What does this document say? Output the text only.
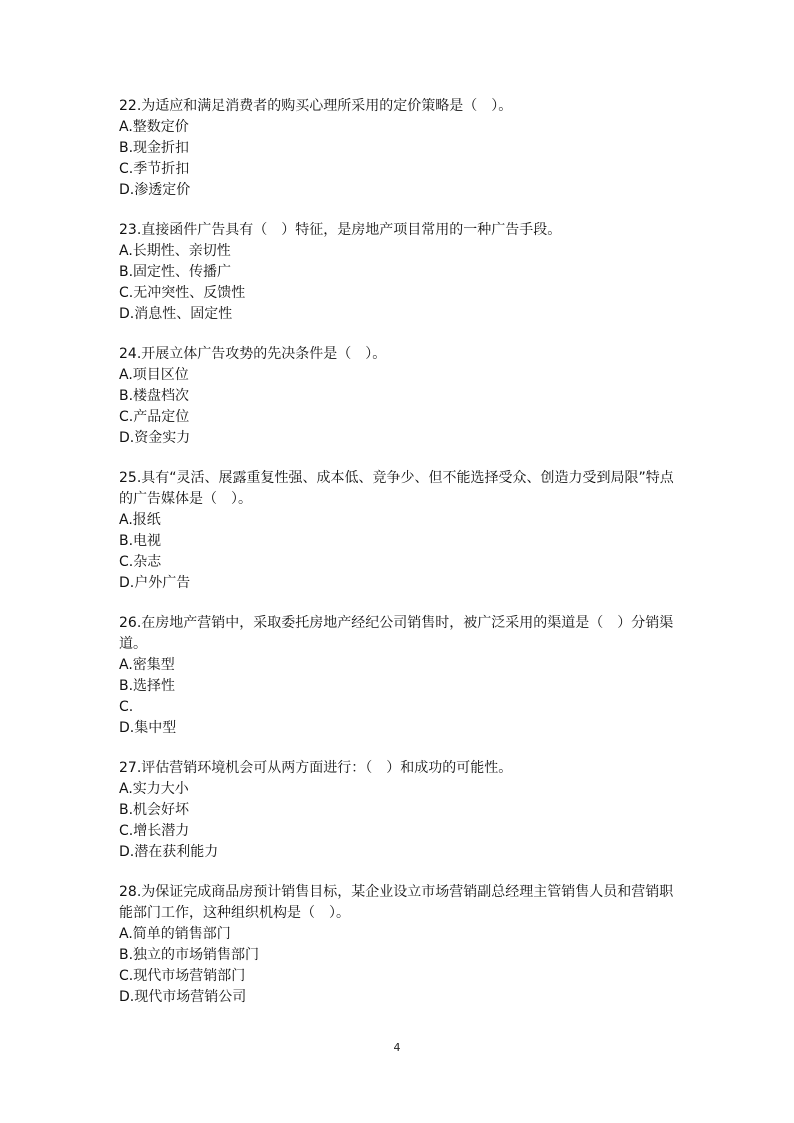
22.为适应和满足消费者的购买心理所采用的定价策略是（　）。

A.整数定价
B.现金折扣
C.季节折扣
D.渗透定价

23.直接函件广告具有（　）特征，是房地产项目常用的一种广告手段。

A.长期性、亲切性
B.固定性、传播广
C.无冲突性、反馈性
D.消息性、固定性

24.开展立体广告攻势的先决条件是（　）。

A.项目区位
B.楼盘档次
C.产品定位
D.资金实力

25.具有“灵活、展露重复性强、成本低、竞争少、但不能选择受众、创造力受到局限”特点的广告媒体是（　）。

A.报纸
B.电视
C.杂志
D.户外广告

26.在房地产营销中，采取委托房地产经纪公司销售时，被广泛采用的渠道是（　）分销渠道。

A.密集型
B.选择性
C.
D.集中型

27.评估营销环境机会可从两方面进行：（　）和成功的可能性。

A.实力大小
B.机会好坏
C.增长潜力
D.潜在获利能力

28.为保证完成商品房预计销售目标，某企业设立市场营销副总经理主管销售人员和营销职能部门工作，这种组织机构是（　）。

A.简单的销售部门
B.独立的市场销售部门
C.现代市场营销部门
D.现代市场营销公司
4
